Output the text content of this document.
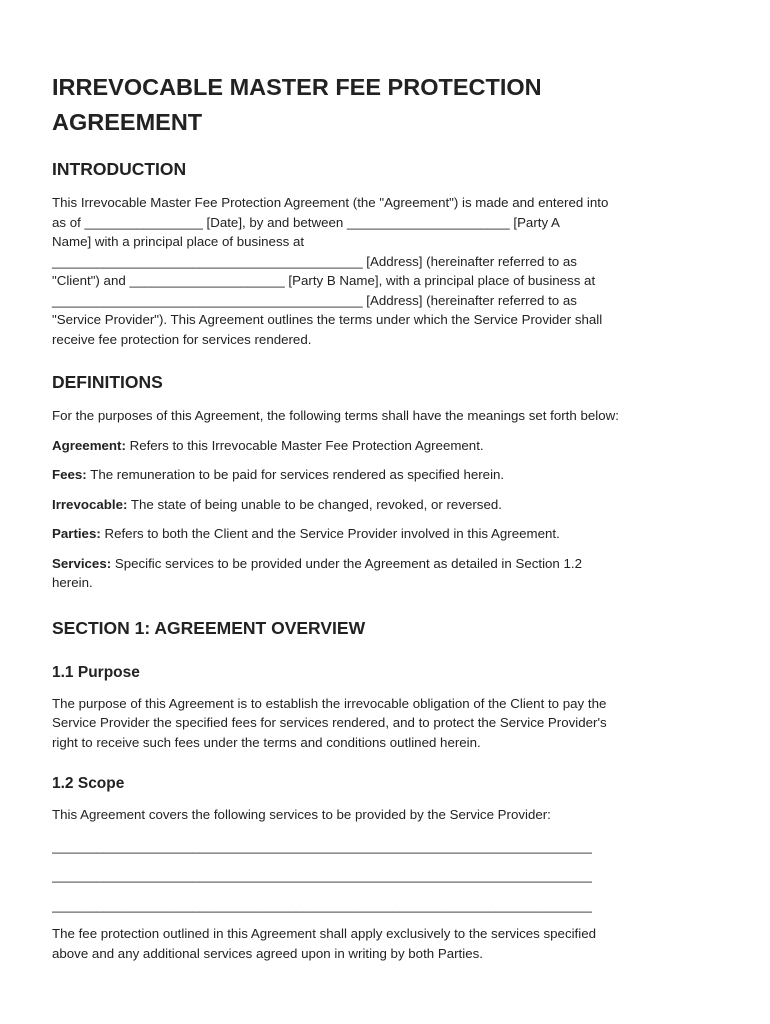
IRREVOCABLE MASTER FEE PROTECTION
AGREEMENT
INTRODUCTION

This Irrevocable Master Fee Protection Agreement (the "Agreement") is made and entered into
as of ________________ [Date], by and between ______________________ [Party A
Name] with a principal place of business at
__________________________________________ [Address] (hereinafter referred to as
"Client") and _____________________ [Party B Name], with a principal place of business at
__________________________________________ [Address] (hereinafter referred to as
"Service Provider"). This Agreement outlines the terms under which the Service Provider shall
receive fee protection for services rendered.

DEFINITIONS

For the purposes of this Agreement, the following terms shall have the meanings set forth below:

Agreement: Refers to this Irrevocable Master Fee Protection Agreement.

Fees: The remuneration to be paid for services rendered as specified herein.

Irrevocable: The state of being unable to be changed, revoked, or reversed.

Parties: Refers to both the Client and the Service Provider involved in this Agreement.

Services: Specific services to be provided under the Agreement as detailed in Section 1.2
herein.

SECTION 1: AGREEMENT OVERVIEW
1.1 Purpose

The purpose of this Agreement is to establish the irrevocable obligation of the Client to pay the
Service Provider the specified fees for services rendered, and to protect the Service Provider's
right to receive such fees under the terms and conditions outlined herein.

1.2 Scope

This Agreement covers the following services to be provided by the Service Provider:

_________________________________________________________________________
_________________________________________________________________________
_________________________________________________________________________

The fee protection outlined in this Agreement shall apply exclusively to the services specified
above and any additional services agreed upon in writing by both Parties.
